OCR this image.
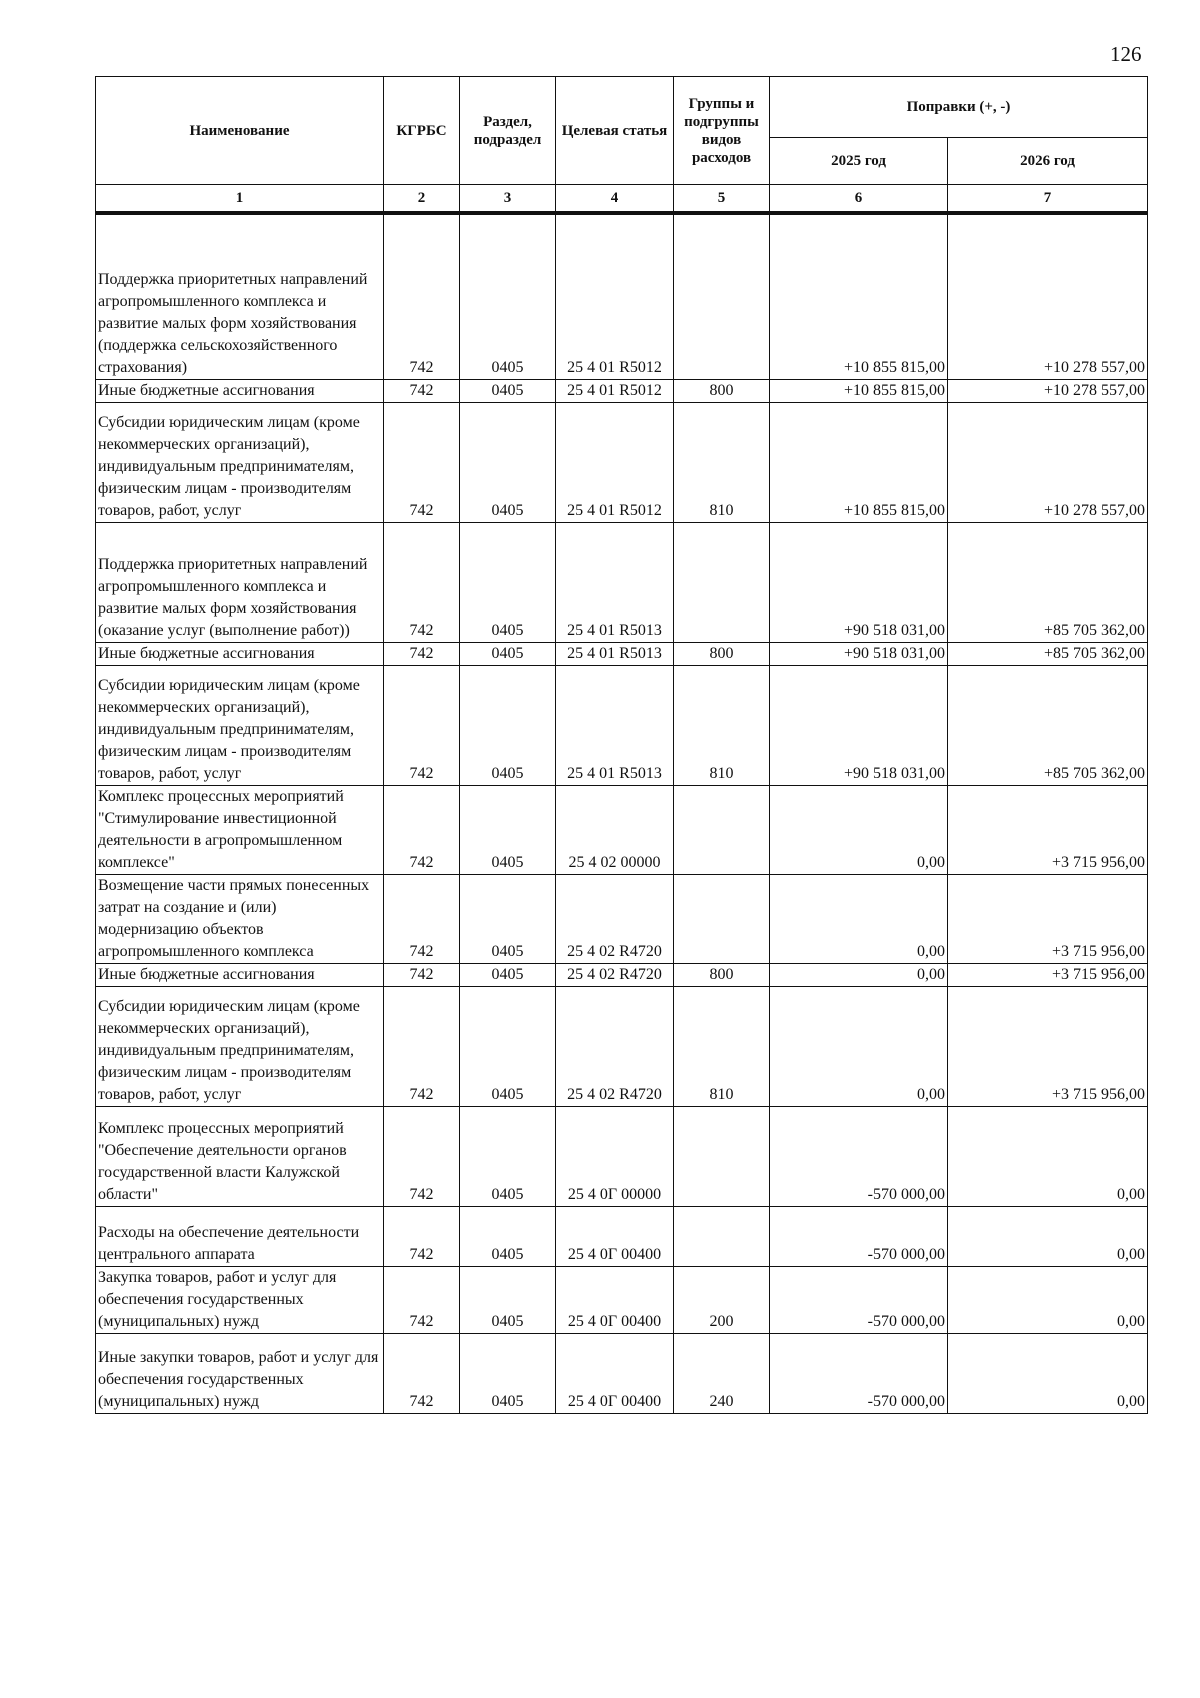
126
Наименование	КГРБС	Раздел, подраздел	Целевая статья	Группы и подгруппы видов расходов	Поправки (+, -)	
					2025 год	2026 год
1	2	3	4	5	6	7
Поддержка приоритетных направлений агропромышленного комплекса и развитие малых форм хозяйствования (поддержка сельскохозяйственного страхования)	742	0405	25 4 01 R5012		+10 855 815,00	+10 278 557,00
Иные бюджетные ассигнования	742	0405	25 4 01 R5012	800	+10 855 815,00	+10 278 557,00
Субсидии юридическим лицам (кроме некоммерческих организаций), индивидуальным предпринимателям, физическим лицам - производителям товаров, работ, услуг	742	0405	25 4 01 R5012	810	+10 855 815,00	+10 278 557,00
Поддержка приоритетных направлений агропромышленного комплекса и развитие малых форм хозяйствования (оказание услуг (выполнение работ))	742	0405	25 4 01 R5013		+90 518 031,00	+85 705 362,00
Иные бюджетные ассигнования	742	0405	25 4 01 R5013	800	+90 518 031,00	+85 705 362,00
Субсидии юридическим лицам (кроме некоммерческих организаций), индивидуальным предпринимателям, физическим лицам - производителям товаров, работ, услуг	742	0405	25 4 01 R5013	810	+90 518 031,00	+85 705 362,00
Комплекс процессных мероприятий "Стимулирование инвестиционной деятельности в агропромышленном комплексе"	742	0405	25 4 02 00000		0,00	+3 715 956,00
Возмещение части прямых понесенных затрат на создание и (или) модернизацию объектов агропромышленного комплекса	742	0405	25 4 02 R4720		0,00	+3 715 956,00
Иные бюджетные ассигнования	742	0405	25 4 02 R4720	800	0,00	+3 715 956,00
Субсидии юридическим лицам (кроме некоммерческих организаций), индивидуальным предпринимателям, физическим лицам - производителям товаров, работ, услуг	742	0405	25 4 02 R4720	810	0,00	+3 715 956,00
Комплекс процессных мероприятий "Обеспечение деятельности органов государственной власти Калужской области"	742	0405	25 4 0Г 00000		-570 000,00	0,00
Расходы на обеспечение деятельности центрального аппарата	742	0405	25 4 0Г 00400		-570 000,00	0,00
Закупка товаров, работ и услуг для обеспечения государственных (муниципальных) нужд	742	0405	25 4 0Г 00400	200	-570 000,00	0,00
Иные закупки товаров, работ и услуг для обеспечения государственных (муниципальных) нужд	742	0405	25 4 0Г 00400	240	-570 000,00	0,00
